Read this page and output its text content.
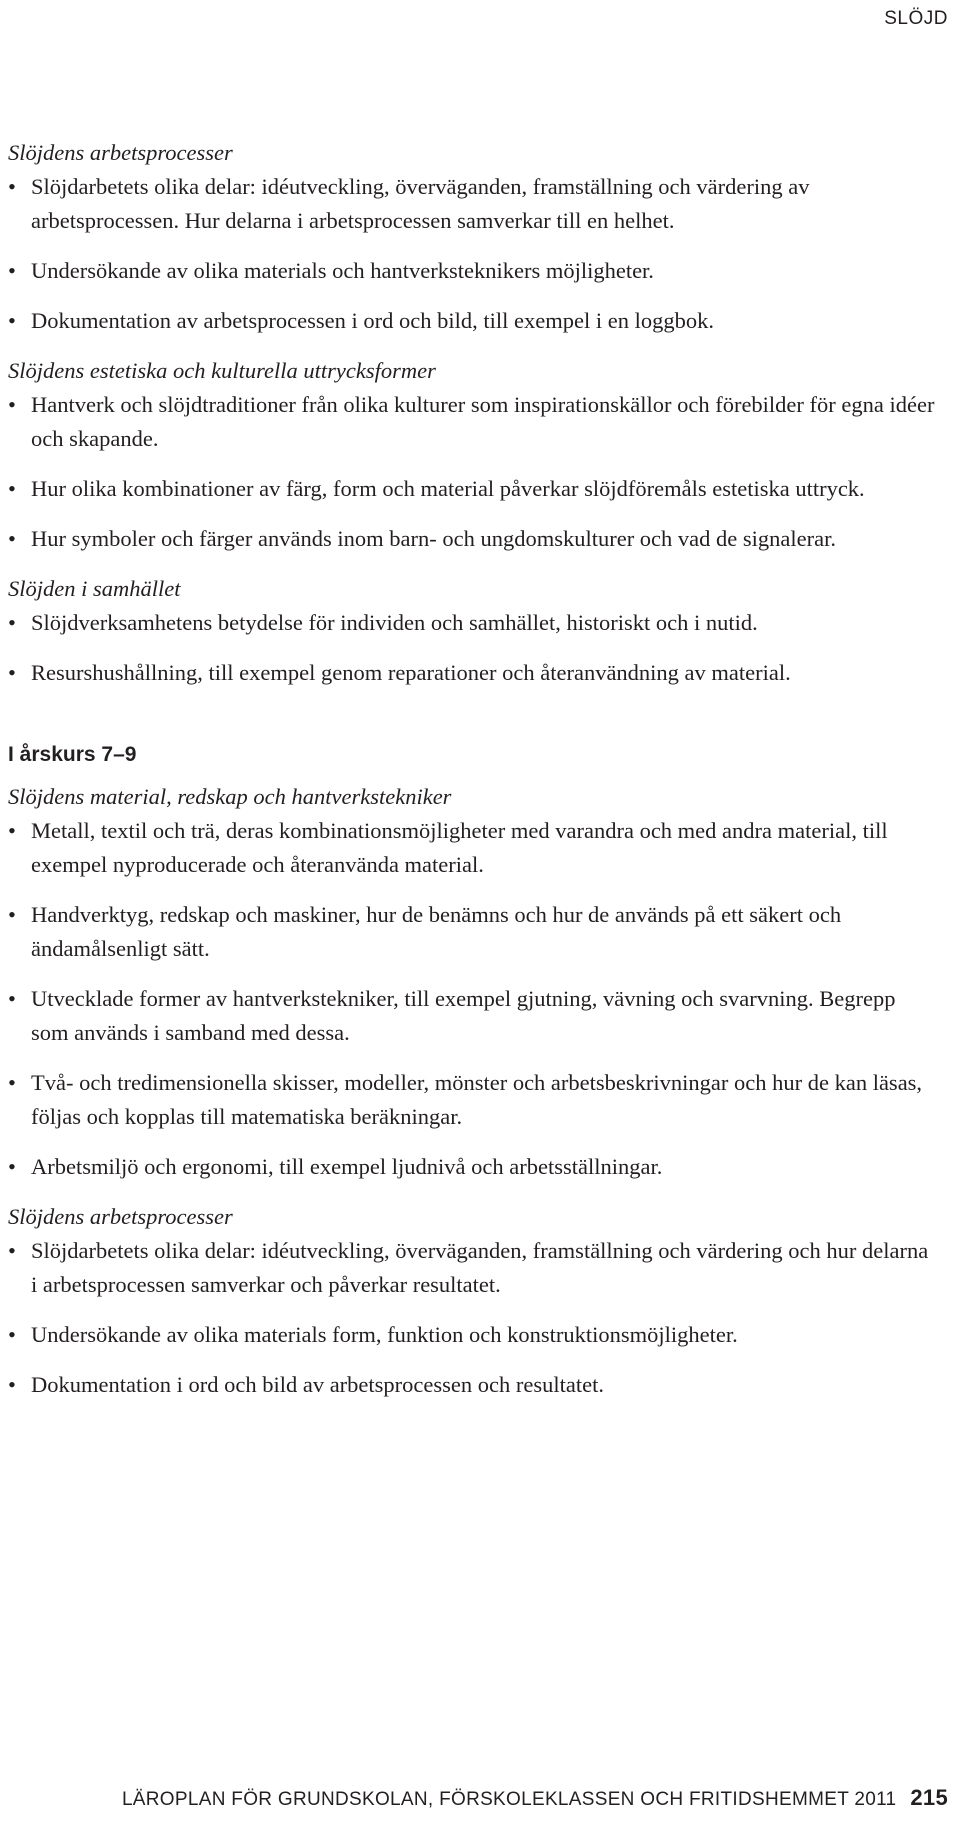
SLÖJD

Slöjdens arbetsprocesser

• Slöjdarbetets olika delar: idéutveckling, överväganden, framställning och värdering av arbetsprocessen. Hur delarna i arbetsprocessen samverkar till en helhet.
• Undersökande av olika materials och hantverksteknikers möjligheter.
• Dokumentation av arbetsprocessen i ord och bild, till exempel i en loggbok.

Slöjdens estetiska och kulturella uttrycksformer

• Hantverk och slöjdtraditioner från olika kulturer som inspirationskällor och förebilder för egna idéer och skapande.
• Hur olika kombinationer av färg, form och material påverkar slöjdföremåls estetiska uttryck.
• Hur symboler och färger används inom barn- och ungdomskulturer och vad de signalerar.

Slöjden i samhället

• Slöjdverksamhetens betydelse för individen och samhället, historiskt och i nutid.
• Resurshushållning, till exempel genom reparationer och återanvändning av material.
I årskurs 7–9

Slöjdens material, redskap och hantverkstekniker

• Metall, textil och trä, deras kombinationsmöjligheter med varandra och med andra material, till exempel nyproducerade och återanvända material.
• Handverktyg, redskap och maskiner, hur de benämns och hur de används på ett säkert och ändamålsenligt sätt.
• Utvecklade former av hantverkstekniker, till exempel gjutning, vävning och svarvning. Begrepp som används i samband med dessa.
• Två- och tredimensionella skisser, modeller, mönster och arbetsbeskrivningar och hur de kan läsas, följas och kopplas till matematiska beräkningar.
• Arbetsmiljö och ergonomi, till exempel ljudnivå och arbetsställningar.

Slöjdens arbetsprocesser

• Slöjdarbetets olika delar: idéutveckling, överväganden, framställning och värdering och hur delarna i arbetsprocessen samverkar och påverkar resultatet.
• Undersökande av olika materials form, funktion och konstruktionsmöjligheter.
• Dokumentation i ord och bild av arbetsprocessen och resultatet.
LÄROPLAN FÖR GRUNDSKOLAN, FÖRSKOLEKLASSEN OCH FRITIDSHEMMET 2011 215
